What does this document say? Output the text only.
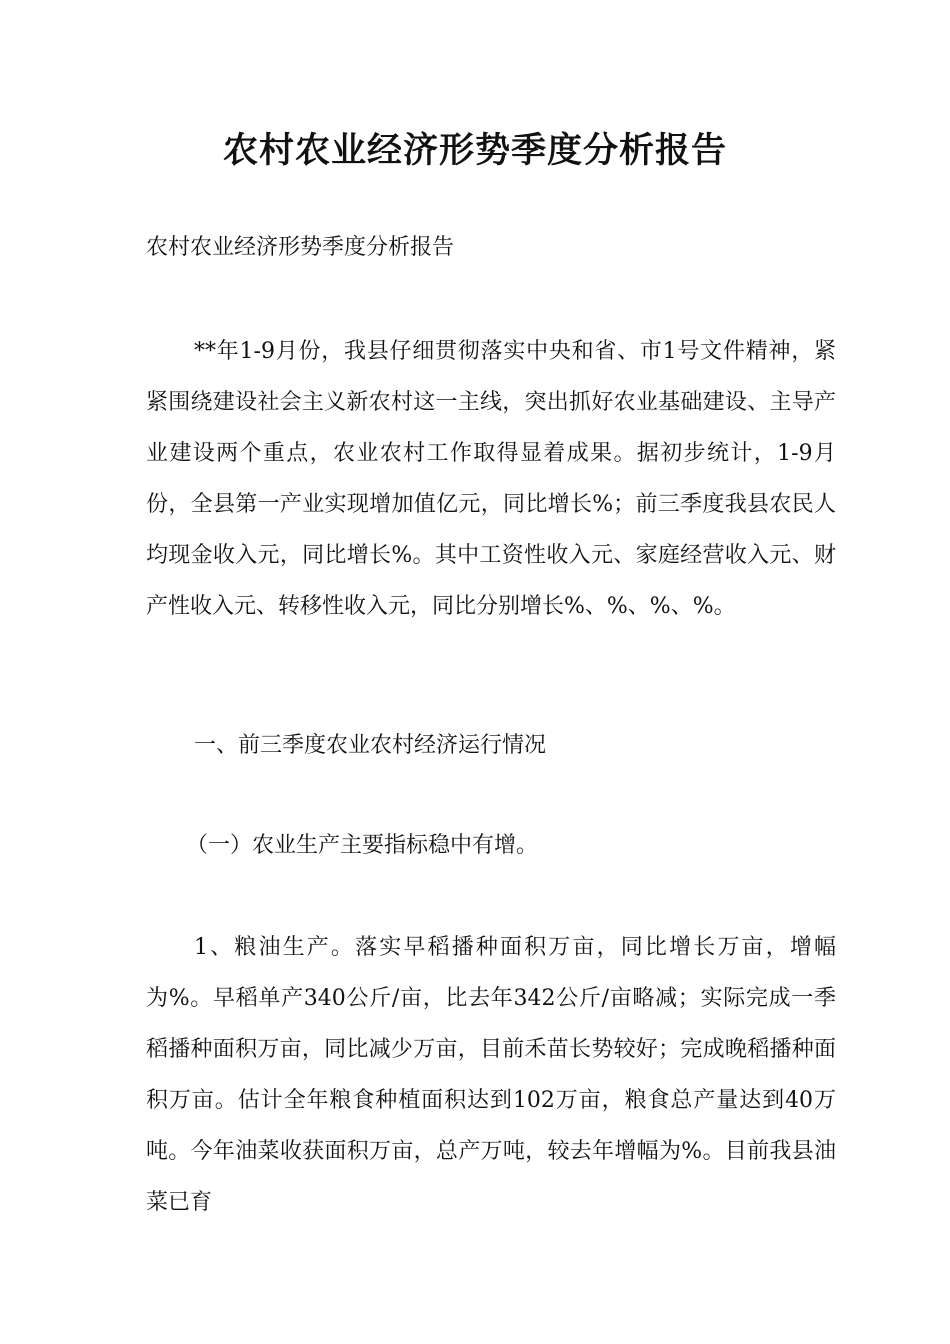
农村农业经济形势季度分析报告

农村农业经济形势季度分析报告

**年1-9月份，我县仔细贯彻落实中央和省、市1号文件精神，紧紧围绕建设社会主义新农村这一主线，突出抓好农业基础建设、主导产业建设两个重点，农业农村工作取得显着成果。据初步统计，1-9月份，全县第一产业实现增加值亿元，同比增长%；前三季度我县农民人均现金收入元，同比增长%。其中工资性收入元、家庭经营收入元、财产性收入元、转移性收入元，同比分别增长%、%、%、%。

一、前三季度农业农村经济运行情况

（一）农业生产主要指标稳中有增。

1、粮油生产。落实早稻播种面积万亩，同比增长万亩，增幅为%。早稻单产340公斤/亩，比去年342公斤/亩略减；实际完成一季稻播种面积万亩，同比减少万亩，目前禾苗长势较好；完成晚稻播种面积万亩。估计全年粮食种植面积达到102万亩，粮食总产量达到40万吨。今年油菜收获面积万亩，总产万吨，较去年增幅为%。目前我县油菜已育
